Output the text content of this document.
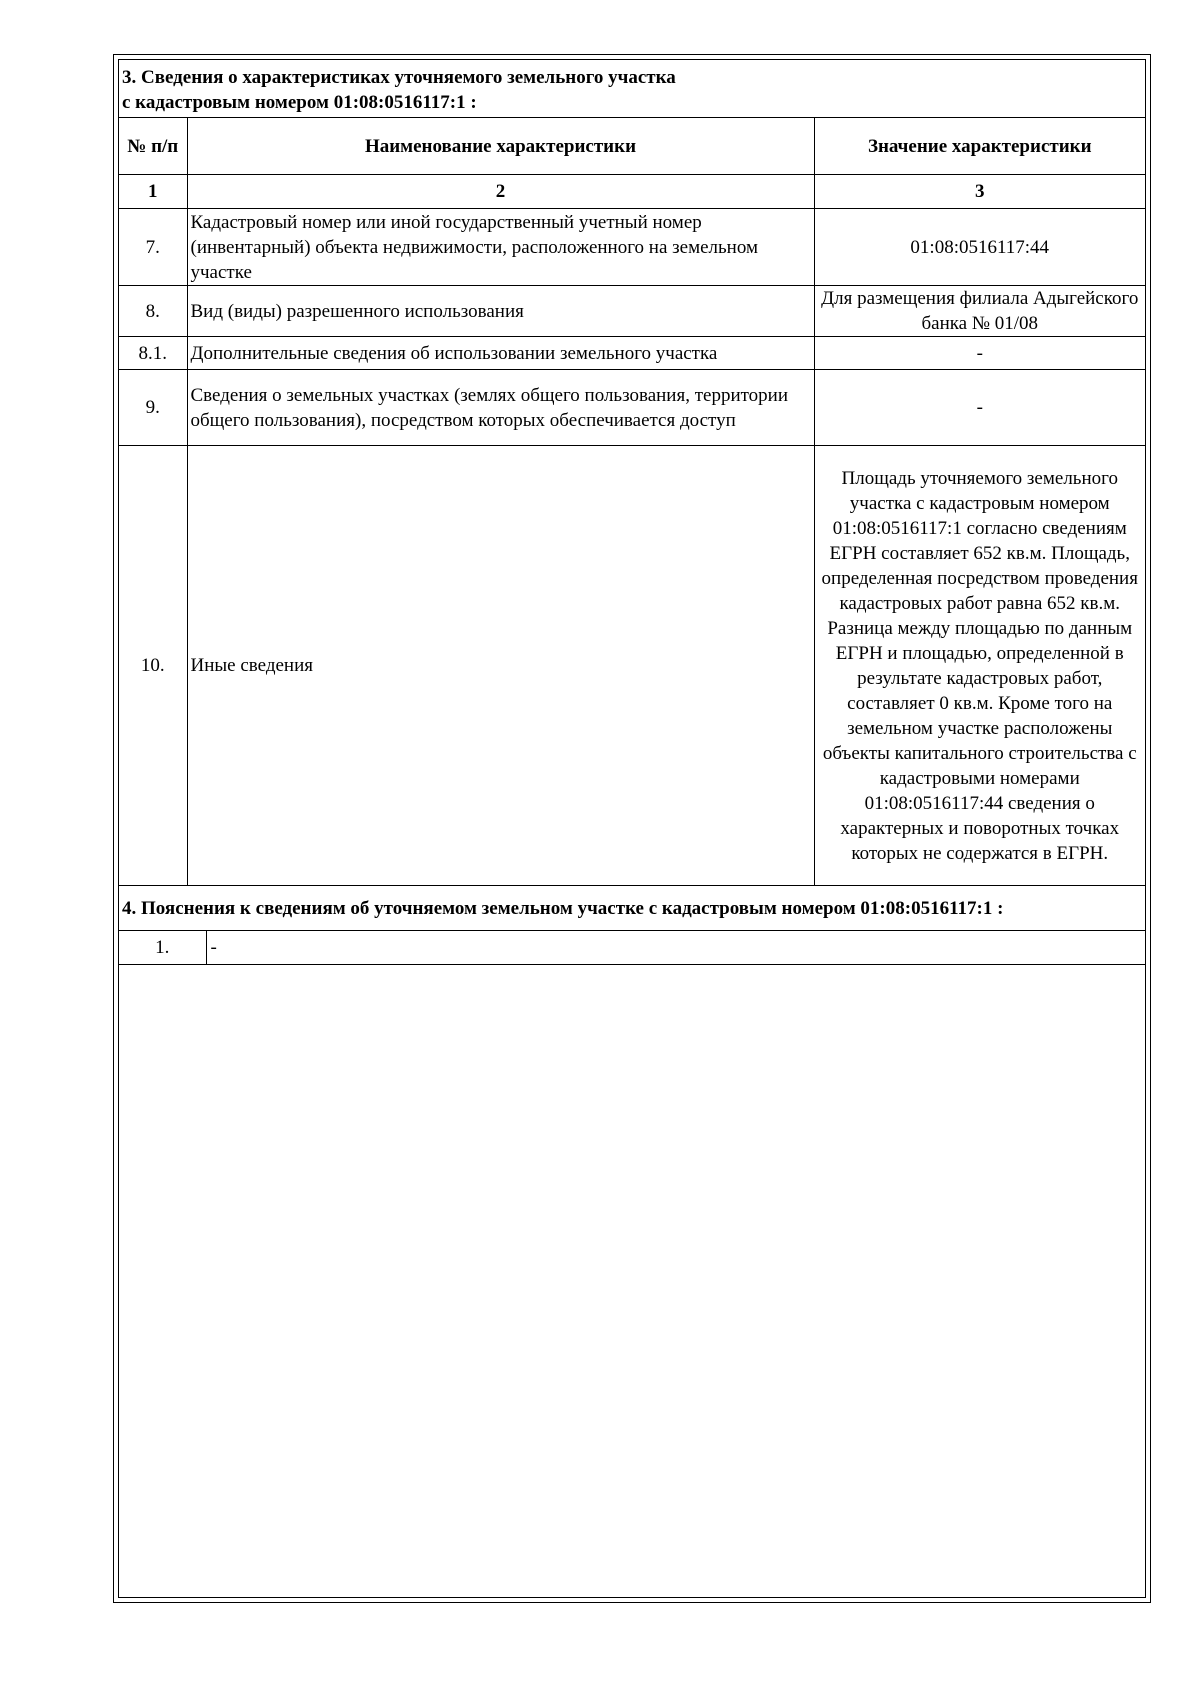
3. Сведения о характеристиках уточняемого земельного участка
с кадастровым номером 01:08:0516117:1 :		

№ п/п	Наименование характеристики	Значение характеристики
1	2	3
7.	Кадастровый номер или иной государственный учетный номер (инвентарный) объекта недвижимости, расположенного на земельном участке	01:08:0516117:44
8.	Вид (виды) разрешенного использования	Для размещения филиала Адыгейского банка № 01/08
8.1.	Дополнительные сведения об использовании земельного участка	-
9.	Сведения о земельных участках (землях общего пользования, территории общего пользования), посредством которых обеспечивается доступ	-
10.	Иные сведения	Площадь уточняемого земельного участка с кадастровым номером 01:08:0516117:1 согласно сведениям ЕГРН составляет 652 кв.м. Площадь, определенная посредством проведения кадастровых работ равна 652 кв.м. Разница между площадью по данным ЕГРН и площадью, определенной в результате кадастровых работ, составляет 0 кв.м. Кроме того на земельном участке расположены объекты капитального строительства с кадастровыми номерами 01:08:0516117:44 сведения о характерных и поворотных точках которых не содержатся в ЕГРН.
4. Пояснения к сведениям об уточняемом земельном участке с кадастровым номером 01:08:0516117:1 :		
1.	-
